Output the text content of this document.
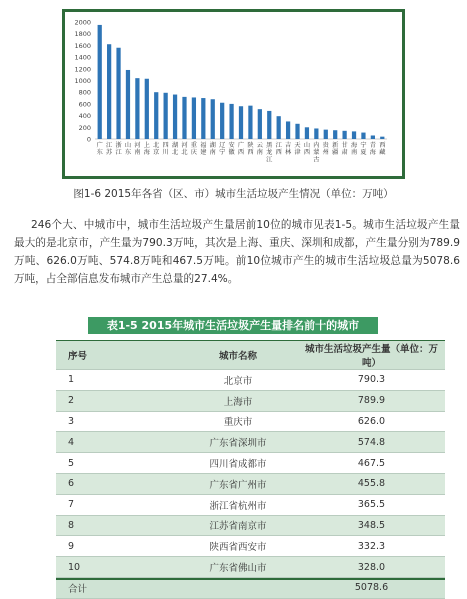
2000
1800
1600
1400
1200
1000
800
600
400
200
0
广
东
江
苏
浙
江
山
东
河
南
上
海
北
京
四
川
湖
北
河
北
重
庆
福
建
湖
南
辽
宁
安
徽
广
西
陕
西
云
南
黑
龙
江
江
西
吉
林
天
津
山
西
内
蒙
古
贵
州
新
疆
甘
肃
海
南
宁
夏
青
海
西
藏
图1-6 2015年各省（区、市）城市生活垃圾产生情况（单位：万吨）
246个大、中城市中，城市生活垃圾产生量居前10位的城市见表1-5。城市生活垃圾产生量最大的是北京市，产生量为790.3万吨，其次是上海、重庆、深圳和成都，产生量分别为789.9万吨、626.0万吨、574.8万吨和467.5万吨。前10位城市产生的城市生活垃圾总量为5078.6万吨，占全部信息发布城市产生总量的27.4%。
表1-5 2015年城市生活垃圾产生量排名前十的城市
序号	城市名称	城市生活垃圾产生量（单位：万吨）
1	北京市	790.3
2	上海市	789.9
3	重庆市	626.0
4	广东省深圳市	574.8
5	四川省成都市	467.5
6	广东省广州市	455.8
7	浙江省杭州市	365.5
8	江苏省南京市	348.5
9	陕西省西安市	332.3
10	广东省佛山市	328.0
合计		5078.6
